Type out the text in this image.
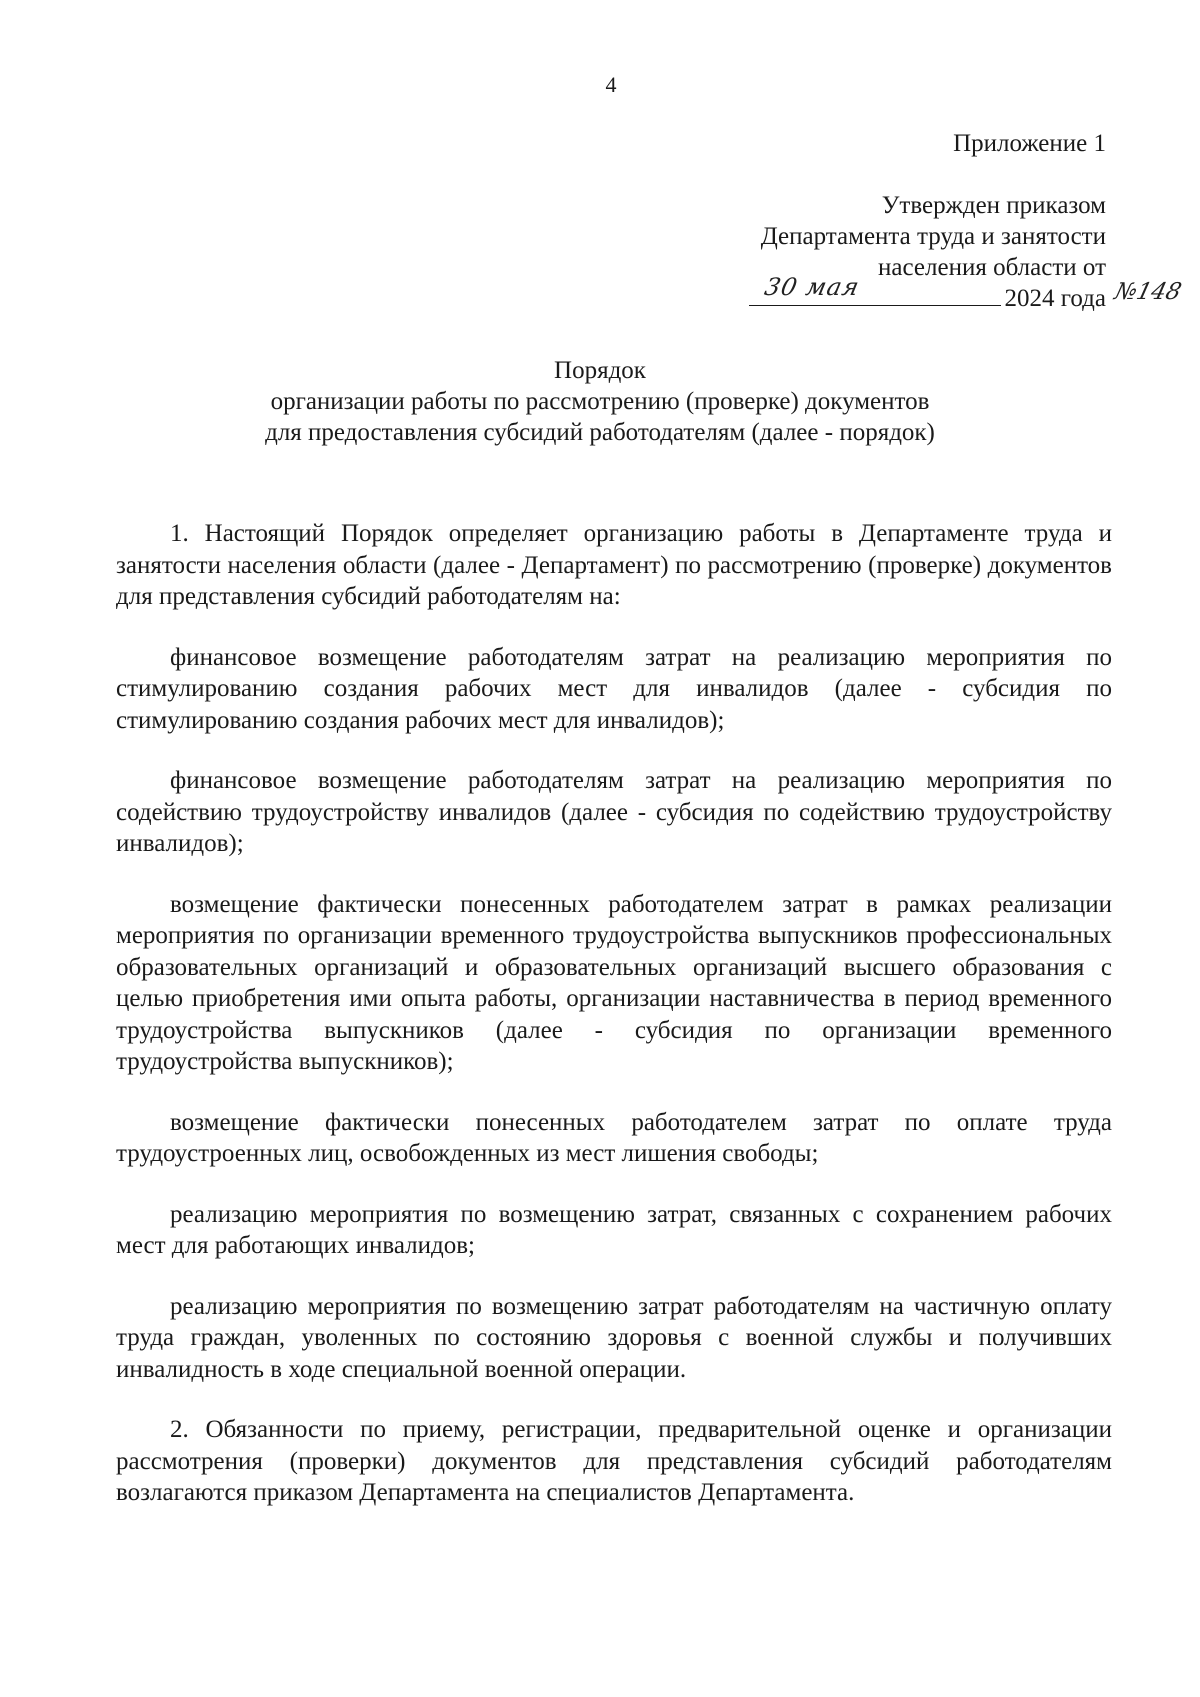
4
Приложение 1
Утвержден приказом
Департамента труда и занятости
населения области от
30 мая	2024 года №148
Порядок
организации работы по рассмотрению (проверке) документов
для предоставления субсидий работодателям (далее - порядок)

1. Настоящий Порядок определяет организацию работы в Департаменте труда и занятости населения области (далее - Департамент) по рассмотрению (проверке) документов для представления субсидий работодателям на:

финансовое возмещение работодателям затрат на реализацию мероприятия по стимулированию создания рабочих мест для инвалидов (далее - субсидия по стимулированию создания рабочих мест для инвалидов);

финансовое возмещение работодателям затрат на реализацию мероприятия по содействию трудоустройству инвалидов (далее - субсидия по содействию трудоустройству инвалидов);

возмещение фактически понесенных работодателем затрат в рамках реализации мероприятия по организации временного трудоустройства выпускников профессиональных образовательных организаций и образовательных организаций высшего образования с целью приобретения ими опыта работы, организации наставничества в период временного трудоустройства выпускников (далее - субсидия по организации временного трудоустройства выпускников);

возмещение фактически понесенных работодателем затрат по оплате труда трудоустроенных лиц, освобожденных из мест лишения свободы;

реализацию мероприятия по возмещению затрат, связанных с сохранением рабочих мест для работающих инвалидов;

реализацию мероприятия по возмещению затрат работодателям на частичную оплату труда граждан, уволенных по состоянию здоровья с военной службы и получивших инвалидность в ходе специальной военной операции.

2. Обязанности по приему, регистрации, предварительной оценке и организации рассмотрения (проверки) документов для представления субсидий работодателям возлагаются приказом Департамента на специалистов Департамента.
